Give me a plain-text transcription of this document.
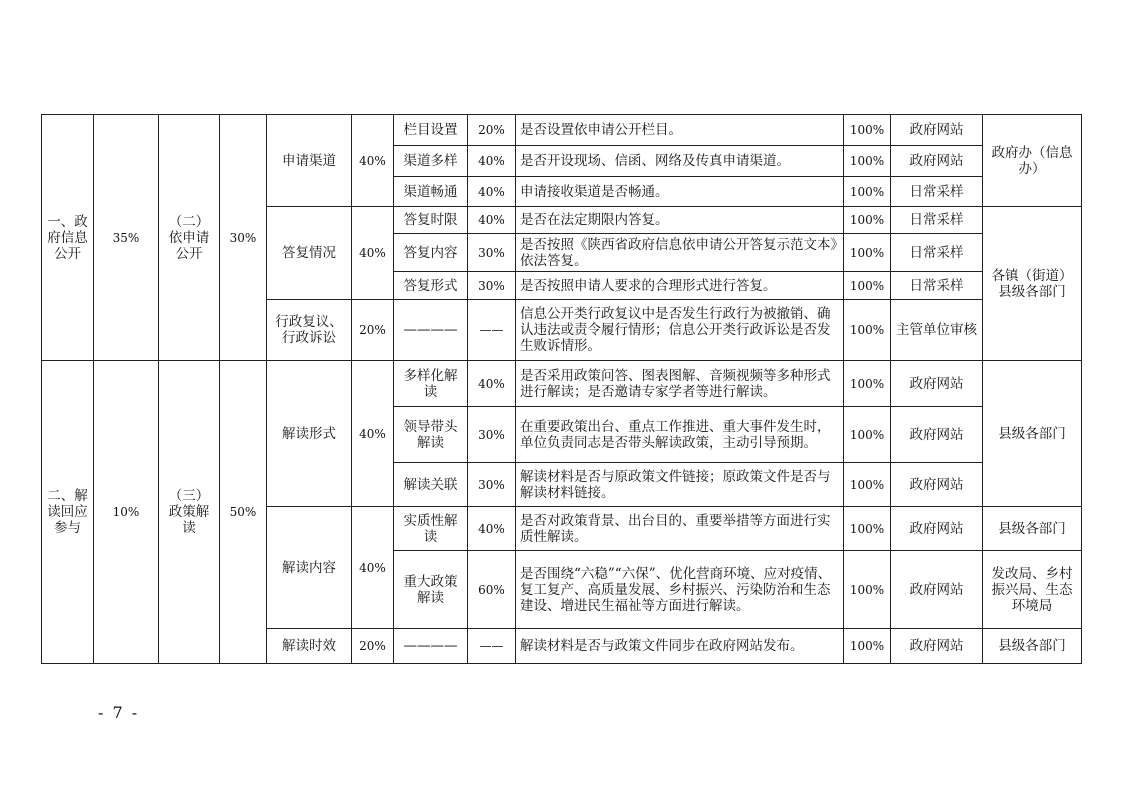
一、政府信息公开	35%	（二）依申请公开	30%	申请渠道	40%	栏目设置	20%	是否设置依申请公开栏目。	100%	政府网站	政府办（信息办）
						渠道多样	40%	是否开设现场、信函、网络及传真申请渠道。	100%	政府网站	
						渠道畅通	40%	申请接收渠道是否畅通。	100%	日常采样	
				答复情况	40%	答复时限	40%	是否在法定期限内答复。	100%	日常采样	各镇（街道）县级各部门
						答复内容	30%	是否按照《陕西省政府信息依申请公开答复示范文本》依法答复。	100%	日常采样	
						答复形式	30%	是否按照申请人要求的合理形式进行答复。	100%	日常采样	
				行政复议、行政诉讼	20%	————	——	信息公开类行政复议中是否发生行政行为被撤销、确认违法或责令履行情形；信息公开类行政诉讼是否发生败诉情形。	100%	主管单位审核	
二、解读回应参与	10%	（三）政策解读	50%	解读形式	40%	多样化解读	40%	是否采用政策问答、图表图解、音频视频等多种形式进行解读；是否邀请专家学者等进行解读。	100%	政府网站	县级各部门
						领导带头解读	30%	在重要政策出台、重点工作推进、重大事件发生时，单位负责同志是否带头解读政策，主动引导预期。	100%	政府网站	
						解读关联	30%	解读材料是否与原政策文件链接；原政策文件是否与解读材料链接。	100%	政府网站	
				解读内容	40%	实质性解读	40%	是否对政策背景、出台目的、重要举措等方面进行实质性解读。	100%	政府网站	县级各部门
						重大政策解读	60%	是否围绕“六稳”“六保”、优化营商环境、应对疫情、复工复产、高质量发展、乡村振兴、污染防治和生态建设、增进民生福祉等方面进行解读。	100%	政府网站	发改局、乡村振兴局、生态环境局
				解读时效	20%	————	——	解读材料是否与政策文件同步在政府网站发布。	100%	政府网站	县级各部门
- 7 -
